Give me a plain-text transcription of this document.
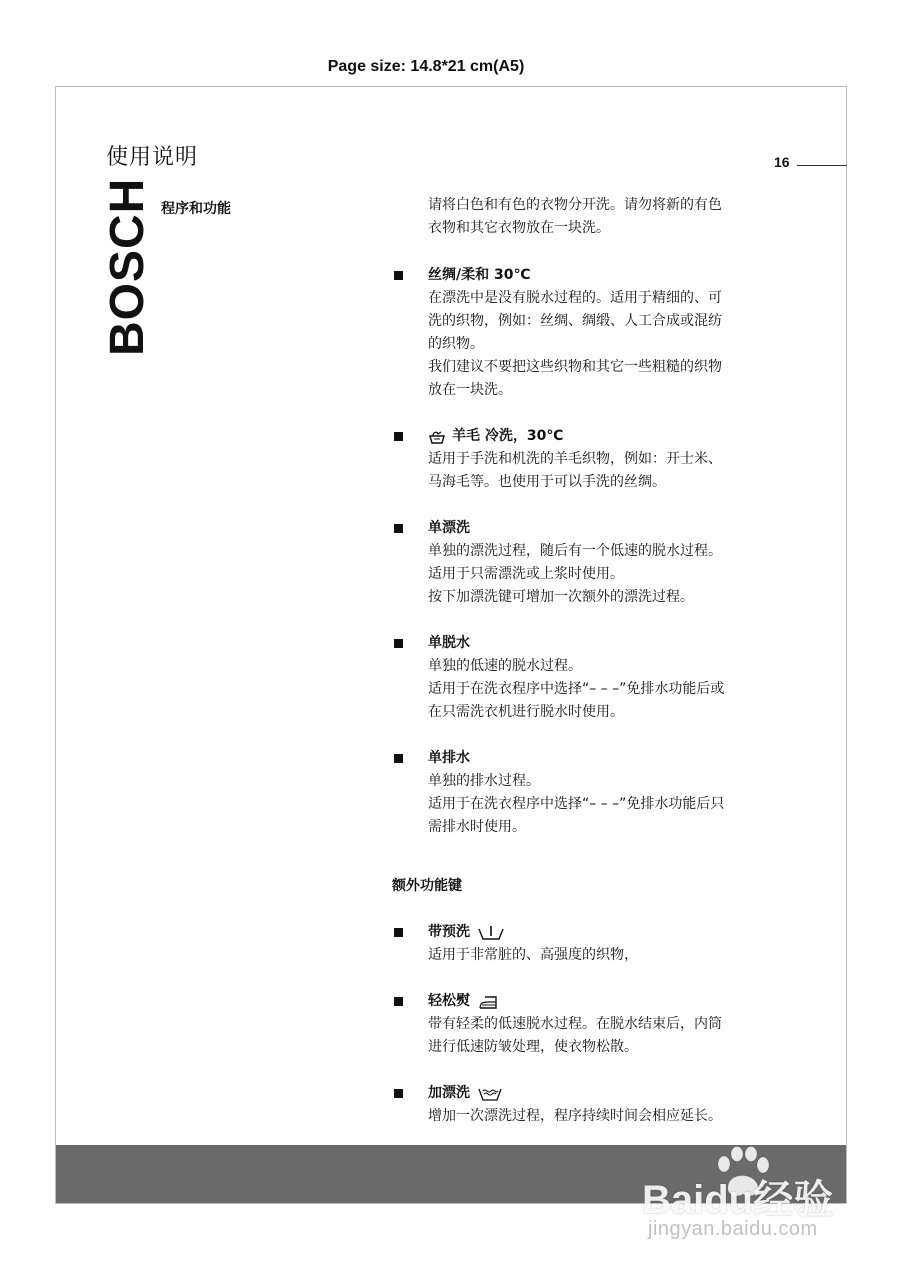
Page size: 14.8*21 cm(A5)
使用说明	16
BOSCH 程序和功能	请将白色和有色的衣物分开洗。请勿将新的有色
衣物和其它衣物放在一块洗。
丝绸/柔和 30℃
在漂洗中是没有脱水过程的。适用于精细的、可
洗的织物，例如：丝绸、绸缎、人工合成或混纺
的织物。
我们建议不要把这些织物和其它一些粗糙的织物
放在一块洗。
羊毛 冷洗，30℃
适用于手洗和机洗的羊毛织物，例如：开士米、
马海毛等。也使用于可以手洗的丝绸。
单漂洗
单独的漂洗过程，随后有一个低速的脱水过程。
适用于只需漂洗或上浆时使用。
按下加漂洗键可增加一次额外的漂洗过程。
单脱水
单独的低速的脱水过程。
适用于在洗衣程序中选择“– – –”免排水功能后或
在只需洗衣机进行脱水时使用。
单排水
单独的排水过程。
适用于在洗衣程序中选择“– – –”免排水功能后只
需排水时使用。
额外功能键
带预洗
适用于非常脏的、高强度的织物，
轻松熨
带有轻柔的低速脱水过程。在脱水结束后，内筒
进行低速防皱处理，使衣物松散。
加漂洗
增加一次漂洗过程，程序持续时间会相应延长。
Baidu经验
jingyan.baidu.com
